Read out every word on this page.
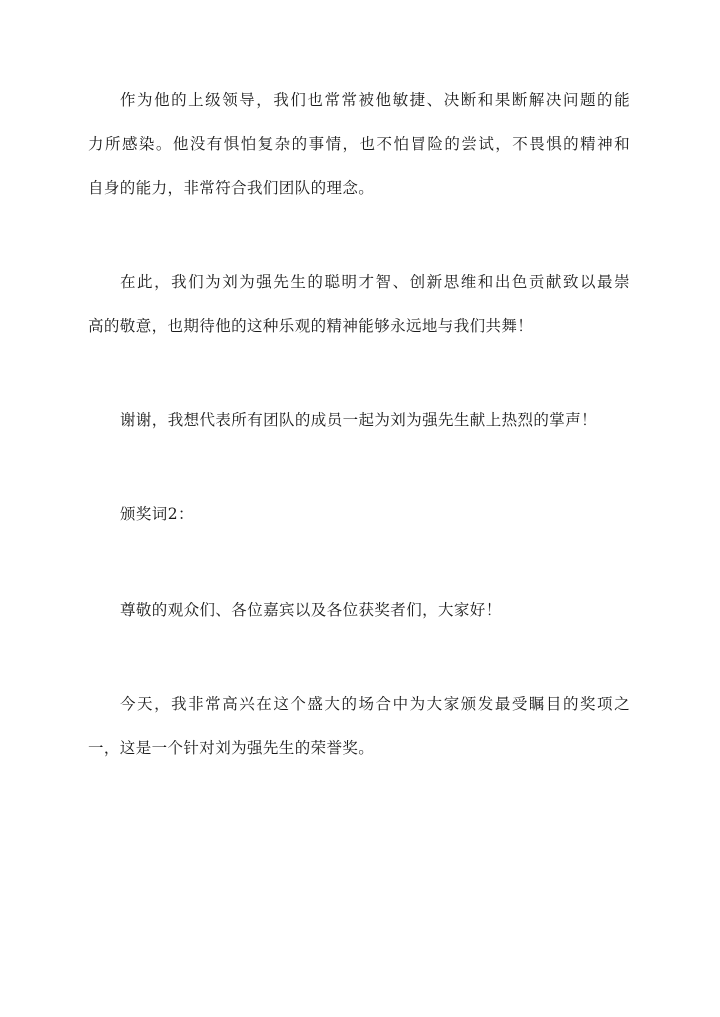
作为他的上级领导，我们也常常被他敏捷、决断和果断解决问题的能
力所感染。他没有惧怕复杂的事情，也不怕冒险的尝试，不畏惧的精神和
自身的能力，非常符合我们团队的理念。
在此，我们为刘为强先生的聪明才智、创新思维和出色贡献致以最崇
高的敬意，也期待他的这种乐观的精神能够永远地与我们共舞！
谢谢，我想代表所有团队的成员一起为刘为强先生献上热烈的掌声！
颁奖词2：
尊敬的观众们、各位嘉宾以及各位获奖者们，大家好！
今天，我非常高兴在这个盛大的场合中为大家颁发最受瞩目的奖项之
一，这是一个针对刘为强先生的荣誉奖。
